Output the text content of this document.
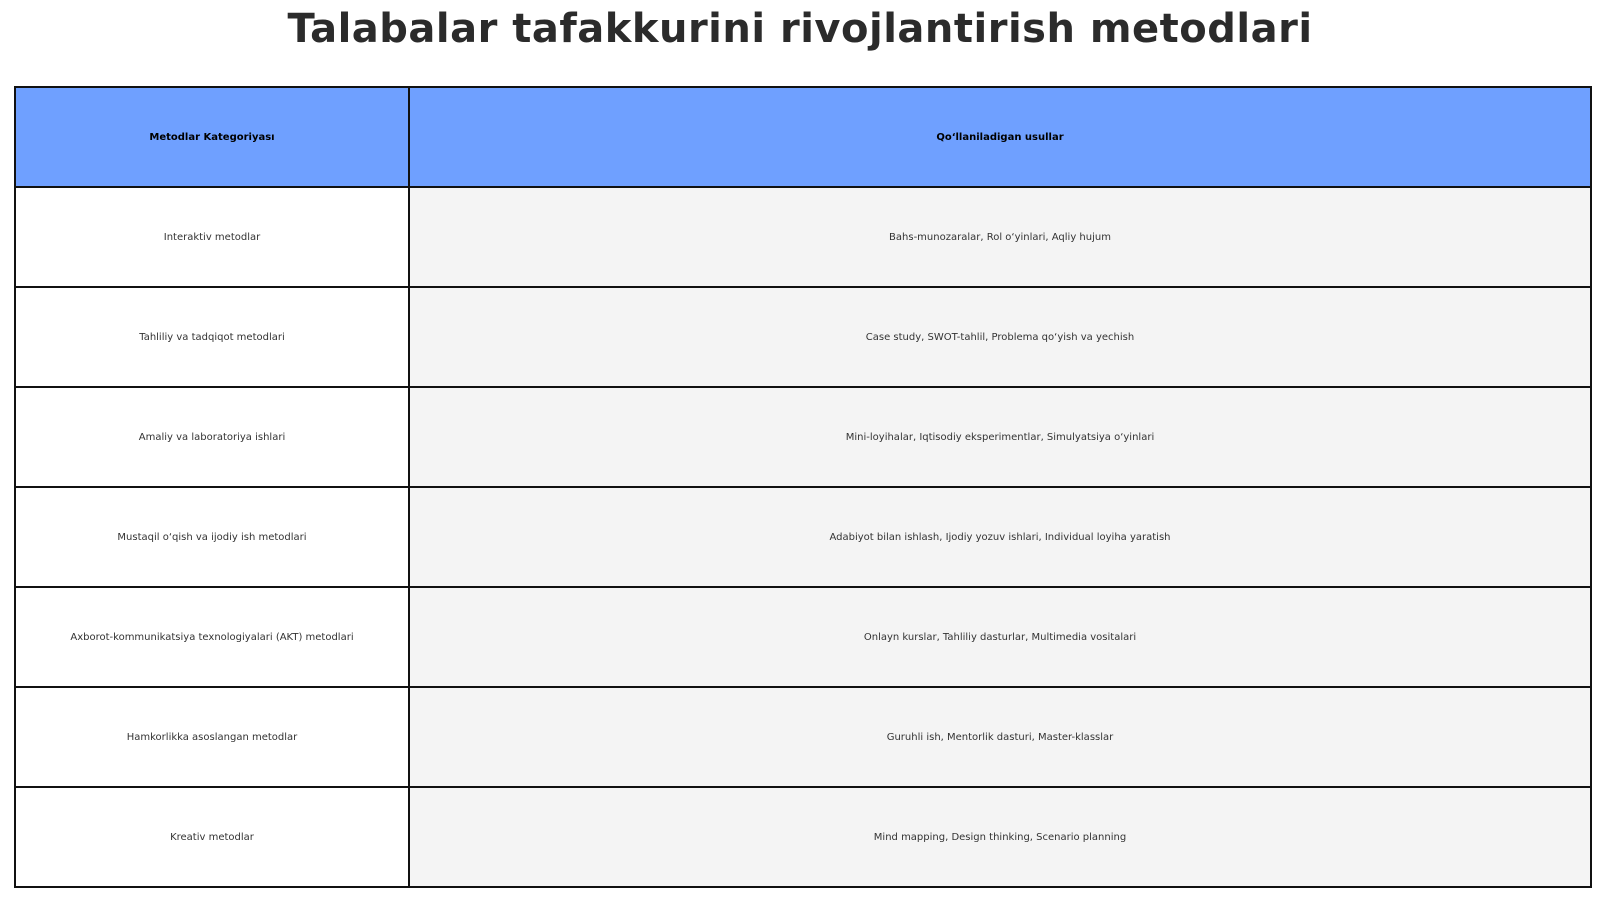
Talabalar tafakkurini rivojlantirish metodlari
Metodlar Kategoriyası	Qo‘llaniladigan usullar
Interaktiv metodlar	Bahs-munozaralar, Rol o‘yinlari, Aqliy hujum
Tahliliy va tadqiqot metodlari	Case study, SWOT-tahlil, Problema qo‘yish va yechish
Amaliy va laboratoriya ishlari	Mini-loyihalar, Iqtisodiy eksperimentlar, Simulyatsiya o‘yinlari
Mustaqil o‘qish va ijodiy ish metodlari	Adabiyot bilan ishlash, Ijodiy yozuv ishlari, Individual loyiha yaratish
Axborot-kommunikatsiya texnologiyalari (AKT) metodlari	Onlayn kurslar, Tahliliy dasturlar, Multimedia vositalari
Hamkorlikka asoslangan metodlar	Guruhli ish, Mentorlik dasturi, Master-klasslar
Kreativ metodlar	Mind mapping, Design thinking, Scenario planning
